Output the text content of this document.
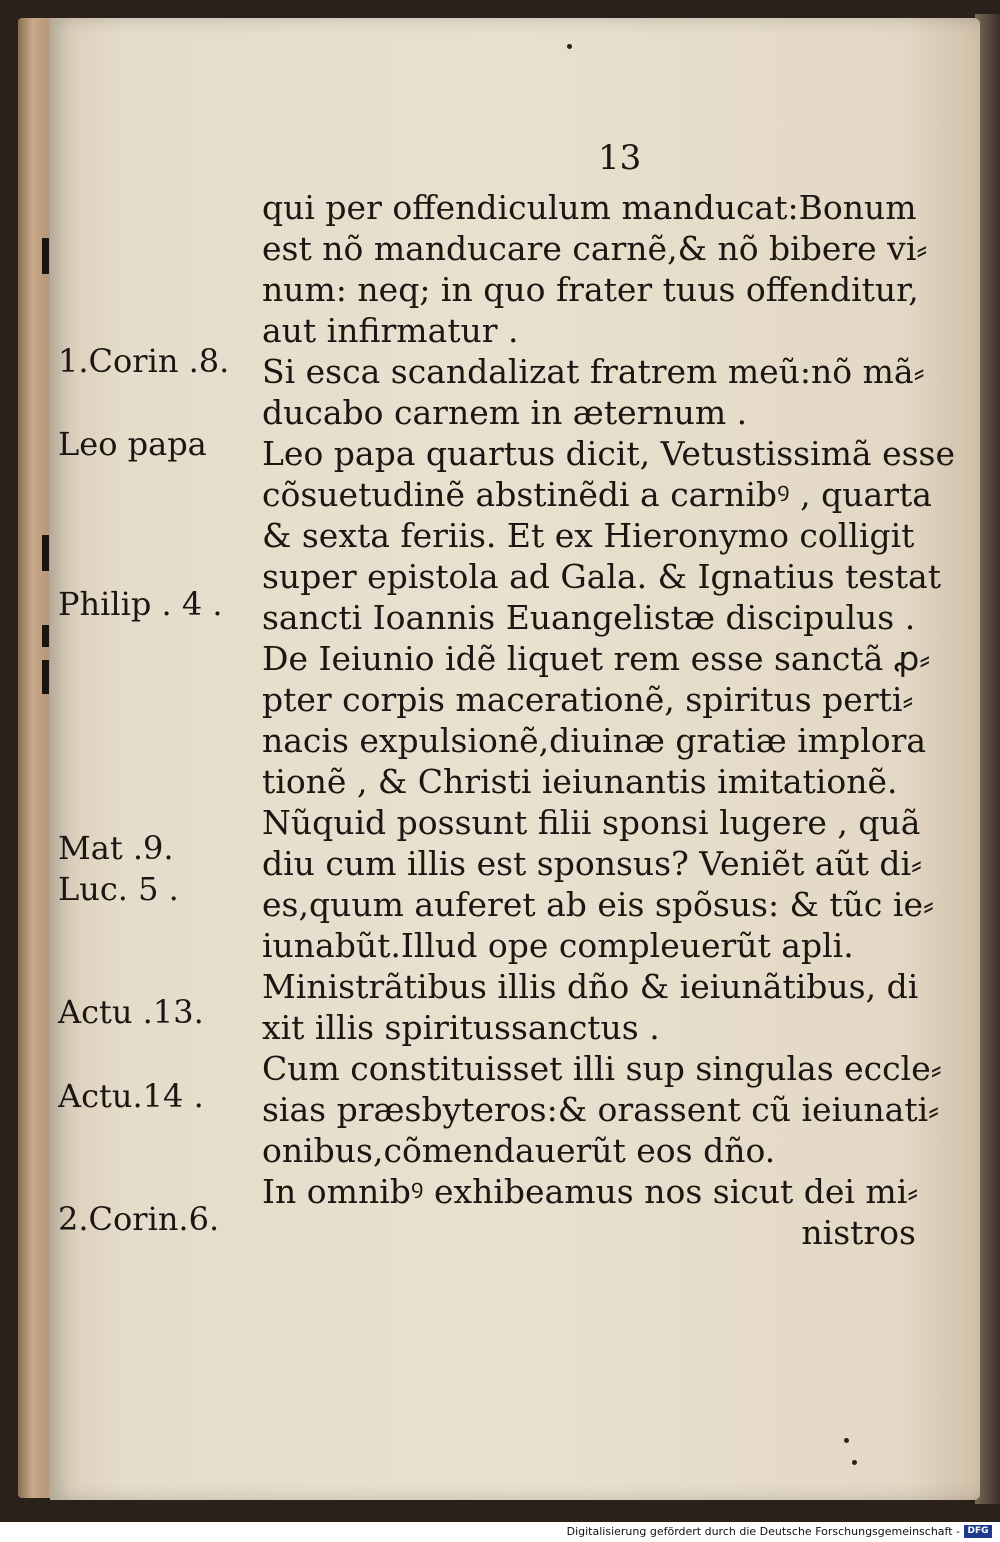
13
qui per offendiculum manducat:Bonum
est nõ manducare carnẽ,& nõ bibere vi⸗
num: neq; in quo frater tuus offenditur,
aut infirmatur .
Si esca scandalizat fratrem meũ:nõ mã⸗
ducabo carnem in æternum .
Leo papa quartus dicit, Vetustissimã esse
cõsuetudinẽ abstinẽdi a carnibꝰ , quarta
& sexta feriis. Et ex Hieronymo colligit
super epistola ad Gala. & Ignatius testat
sancti Ioannis Euangelistæ discipulus .
De Ieiunio idẽ liquet rem esse sanctã ꝓ⸗
pter corpis macerationẽ, spiritus perti⸗
nacis expulsionẽ,diuinæ gratiæ implora
tionẽ , & Christi ieiunantis imitationẽ.
Nũquid possunt filii sponsi lugere , quã
diu cum illis est sponsus? Veniẽt aũt di⸗
es,quum auferet ab eis spõsus: & tũc ie⸗
iunabũt.Illud ope compleuerũt apli.
Ministrãtibus illis dño & ieiunãtibus, di
xit illis spiritussanctus .
Cum constituisset illi sup singulas eccle⸗
sias præsbyteros:& orassent cũ ieiunati⸗
onibus,cõmendauerũt eos dño.
In omnibꝰ exhibeamus nos sicut dei mi⸗
nistros
1.Corin .8.
Leo papa
Philip . 4 .
Mat .9.
Luc. 5 .
Actu .13.
Actu.14 .
2.Corin.6.
Digitalisierung gefördert durch die Deutsche Forschungsgemeinschaft - DFG
